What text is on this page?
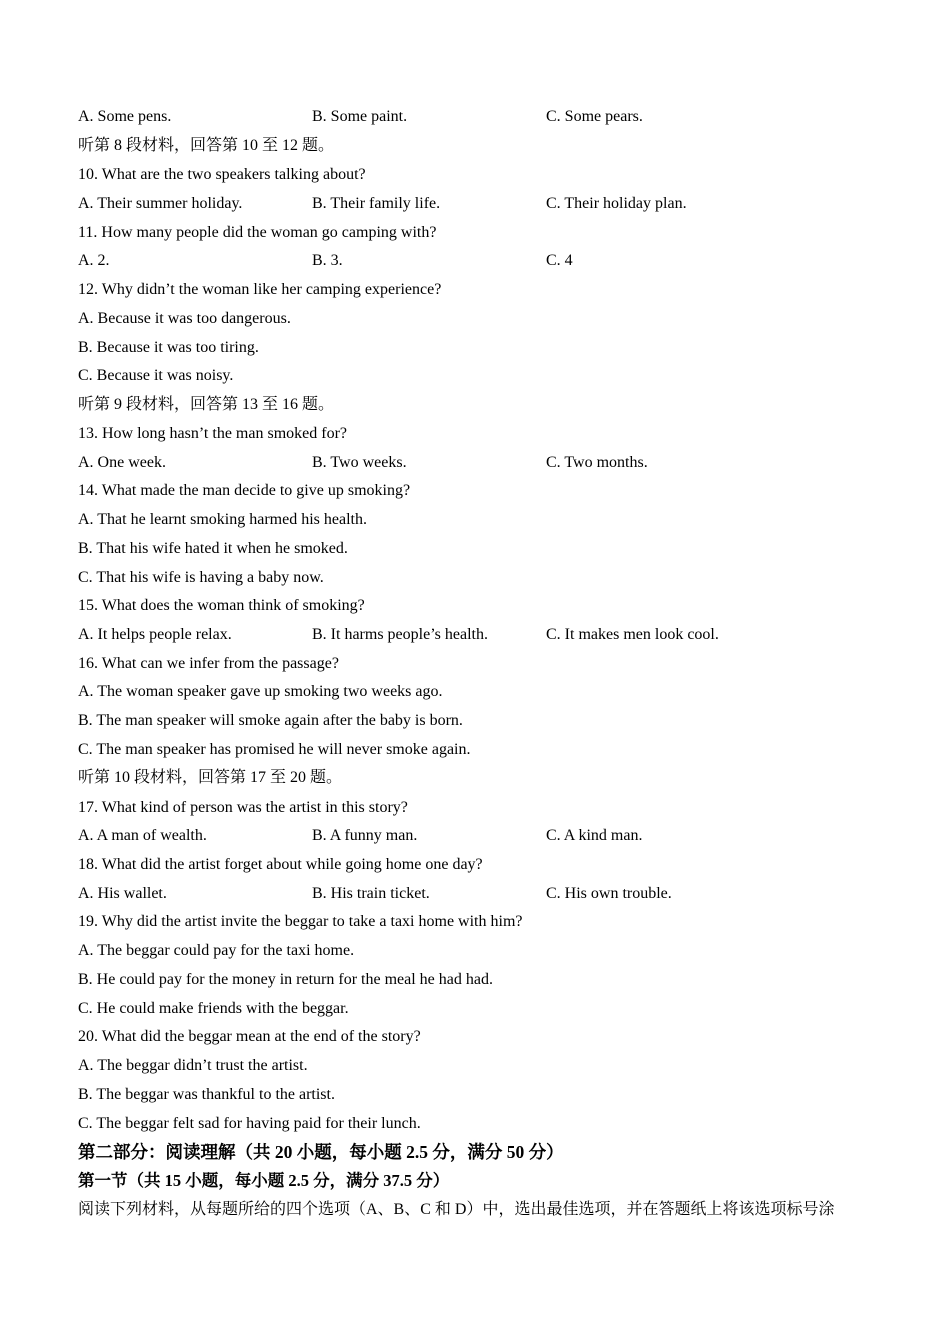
A. Some pens.	B. Some paint.	C. Some pears.
听第 8 段材料，回答第 10 至 12 题。
10. What are the two speakers talking about?
A. Their summer holiday.	B. Their family life.	C. Their holiday plan.
11. How many people did the woman go camping with?
A. 2.	B. 3.	C. 4
12. Why didn’t the woman like her camping experience?
A. Because it was too dangerous.
B. Because it was too tiring.
C. Because it was noisy.
听第 9 段材料，回答第 13 至 16 题。
13. How long hasn’t the man smoked for?
A. One week.	B. Two weeks.	C. Two months.
14. What made the man decide to give up smoking?
A. That he learnt smoking harmed his health.
B. That his wife hated it when he smoked.
C. That his wife is having a baby now.
15. What does the woman think of smoking?
A. It helps people relax.	B. It harms people’s health.	C. It makes men look cool.
16. What can we infer from the passage?
A. The woman speaker gave up smoking two weeks ago.
B. The man speaker will smoke again after the baby is born.
C. The man speaker has promised he will never smoke again.
听第 10 段材料，回答第 17 至 20 题。
17. What kind of person was the artist in this story?
A. A man of wealth.	B. A funny man.	C. A kind man.
18. What did the artist forget about while going home one day?
A. His wallet.	B. His train ticket.	C. His own trouble.
19. Why did the artist invite the beggar to take a taxi home with him?
A. The beggar could pay for the taxi home.
B. He could pay for the money in return for the meal he had had.
C. He could make friends with the beggar.
20. What did the beggar mean at the end of the story?
A. The beggar didn’t trust the artist.
B. The beggar was thankful to the artist.
C. The beggar felt sad for having paid for their lunch.
第二部分：阅读理解（共 20 小题，每小题 2.5 分，满分 50 分）
第一节（共 15 小题，每小题 2.5 分，满分 37.5 分）
阅读下列材料，从每题所给的四个选项（A、B、C 和 D）中，选出最佳选项，并在答题纸上将该选项标号涂
